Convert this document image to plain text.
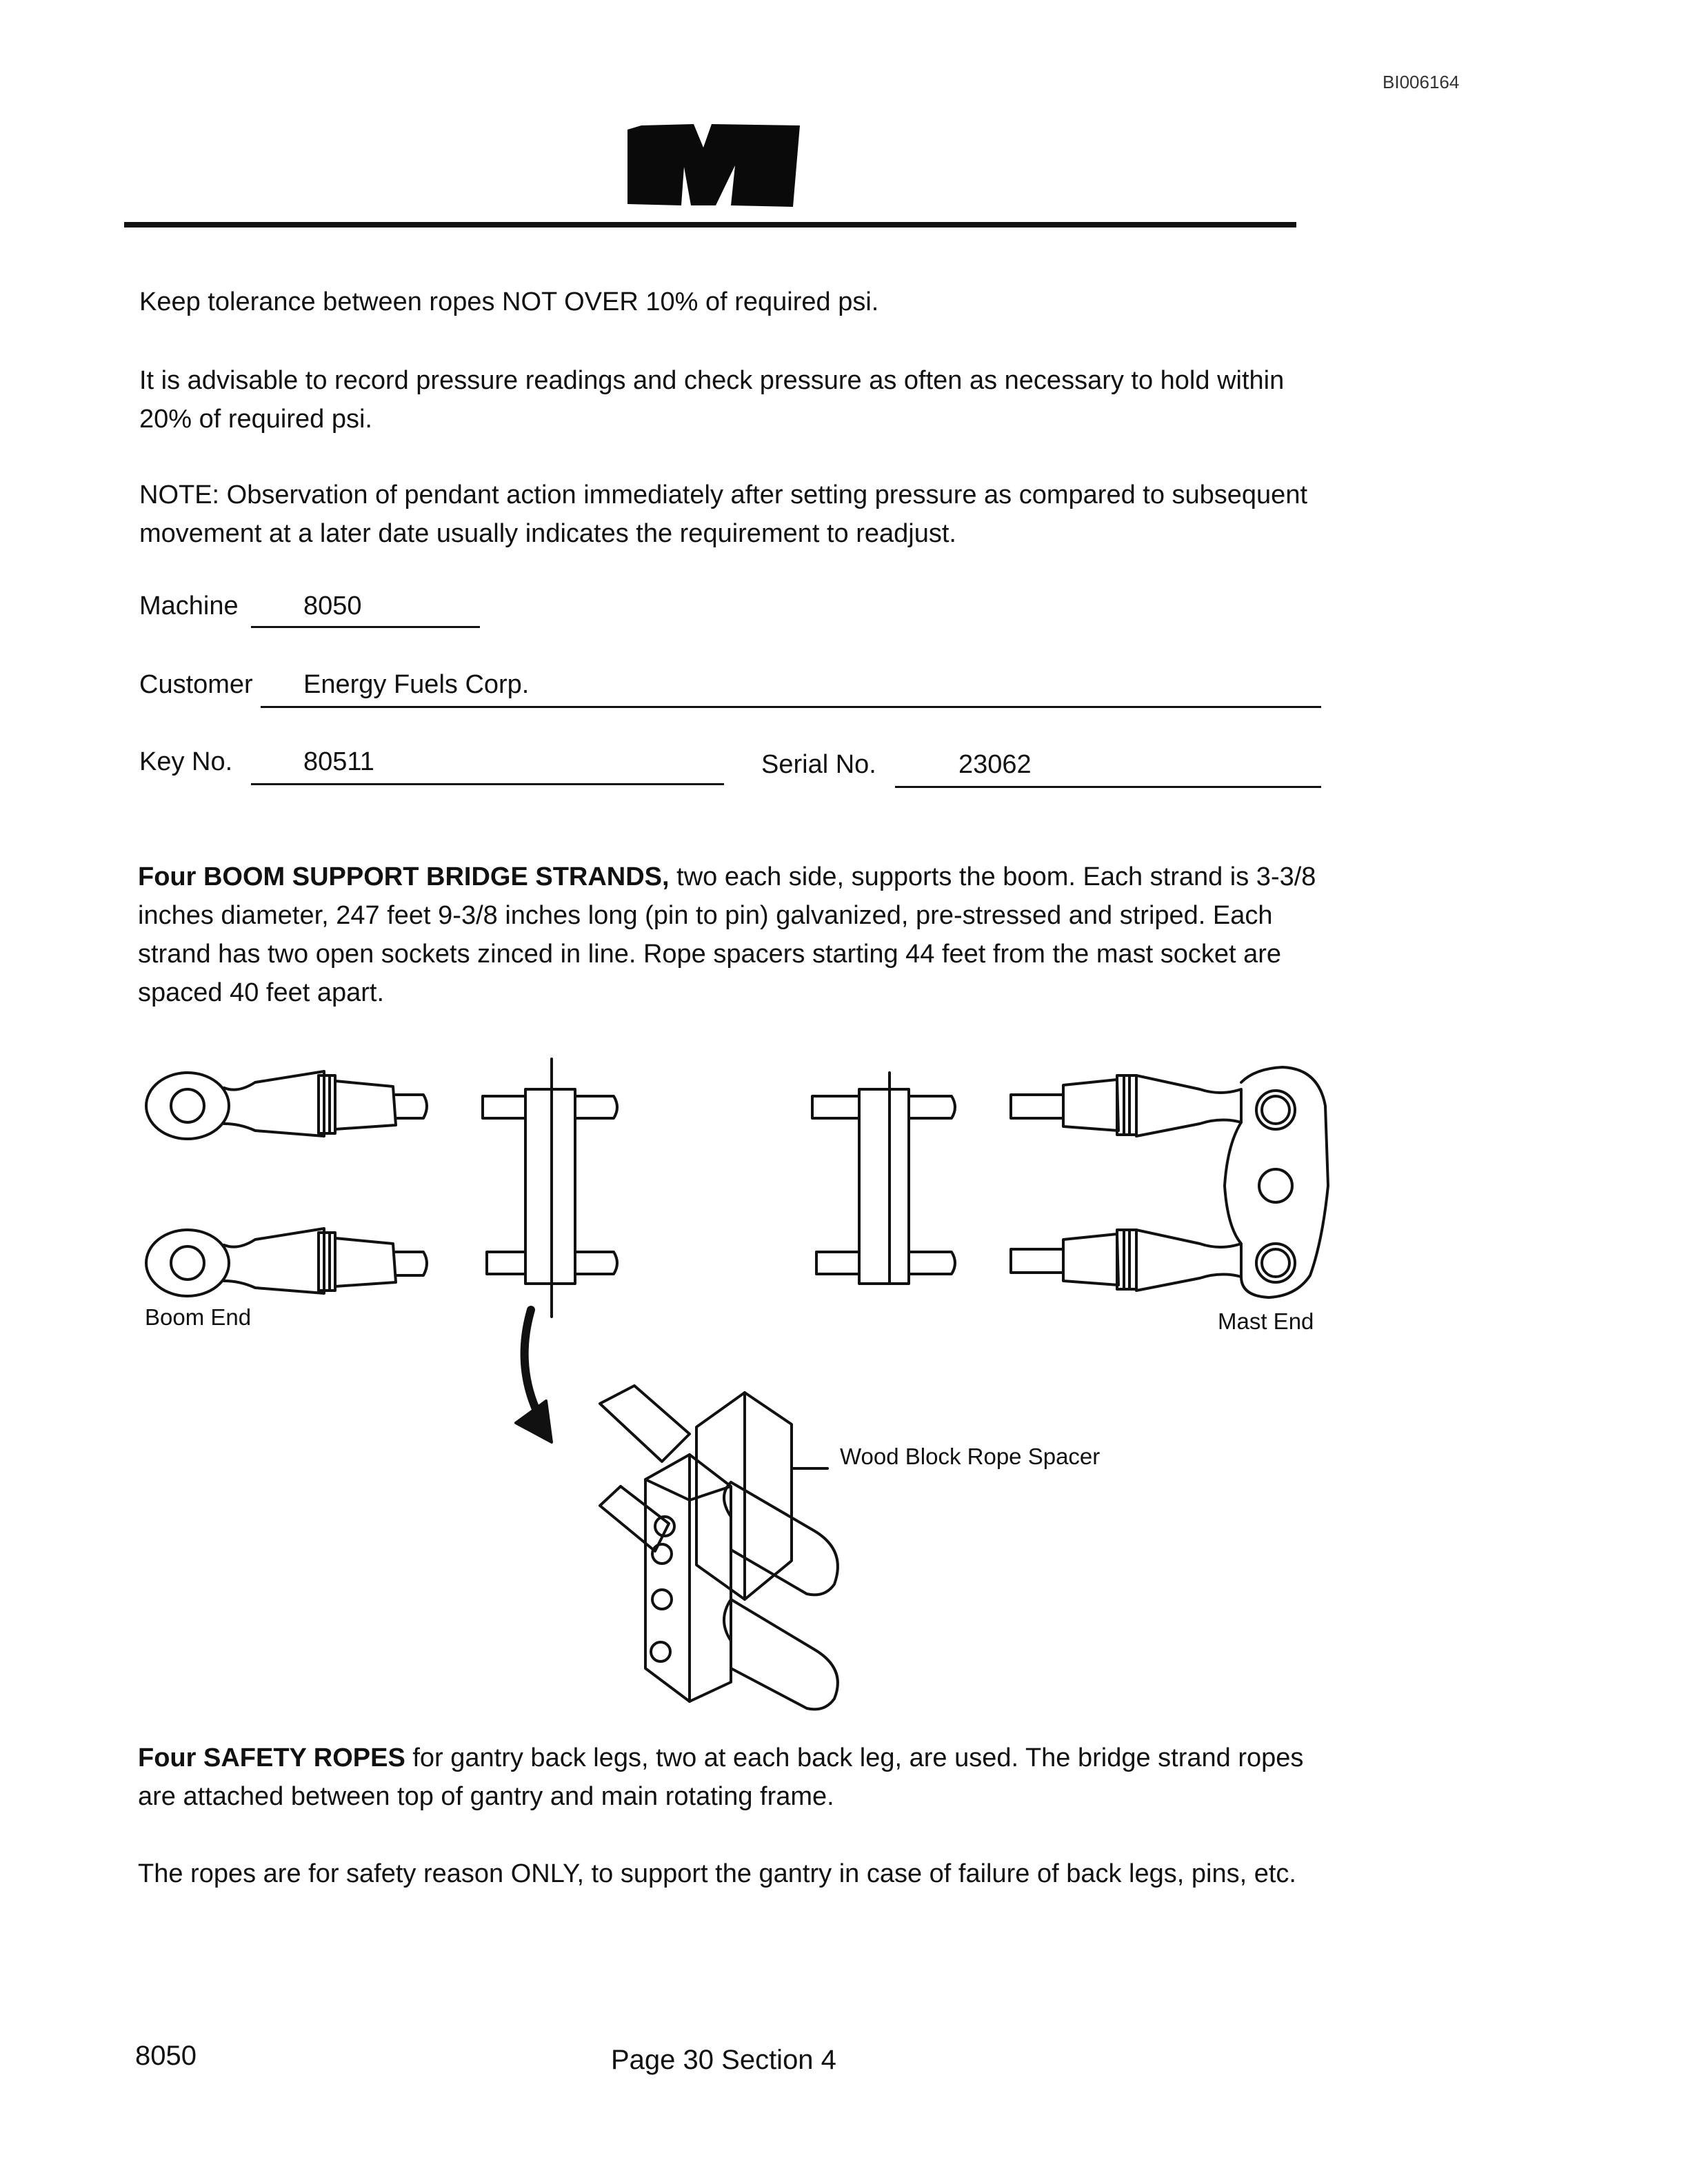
BI006164
Keep tolerance between ropes NOT OVER 10% of required psi.
It is advisable to record pressure readings and check pressure as often as necessary to hold within 20% of required psi.
NOTE: Observation of pendant action immediately after setting pressure as compared to subsequent movement at a later date usually indicates the requirement to readjust.
Machine 8050
Customer Energy Fuels Corp.
Key No.	80511	Serial No.	23062
Four BOOM SUPPORT BRIDGE STRANDS, two each side, supports the boom. Each strand is 3-3/8 inches diameter, 247 feet 9-3/8 inches long (pin to pin) galvanized, pre-stressed and striped. Each strand has two open sockets zinced in line. Rope spacers starting 44 feet from the mast socket are spaced 40 feet apart.
Boom End	Mast End
Wood Block Rope Spacer
Four SAFETY ROPES for gantry back legs, two at each back leg, are used. The bridge strand ropes are attached between top of gantry and main rotating frame.
The ropes are for safety reason ONLY, to support the gantry in case of failure of back legs, pins, etc.
8050	Page 30 Section 4
